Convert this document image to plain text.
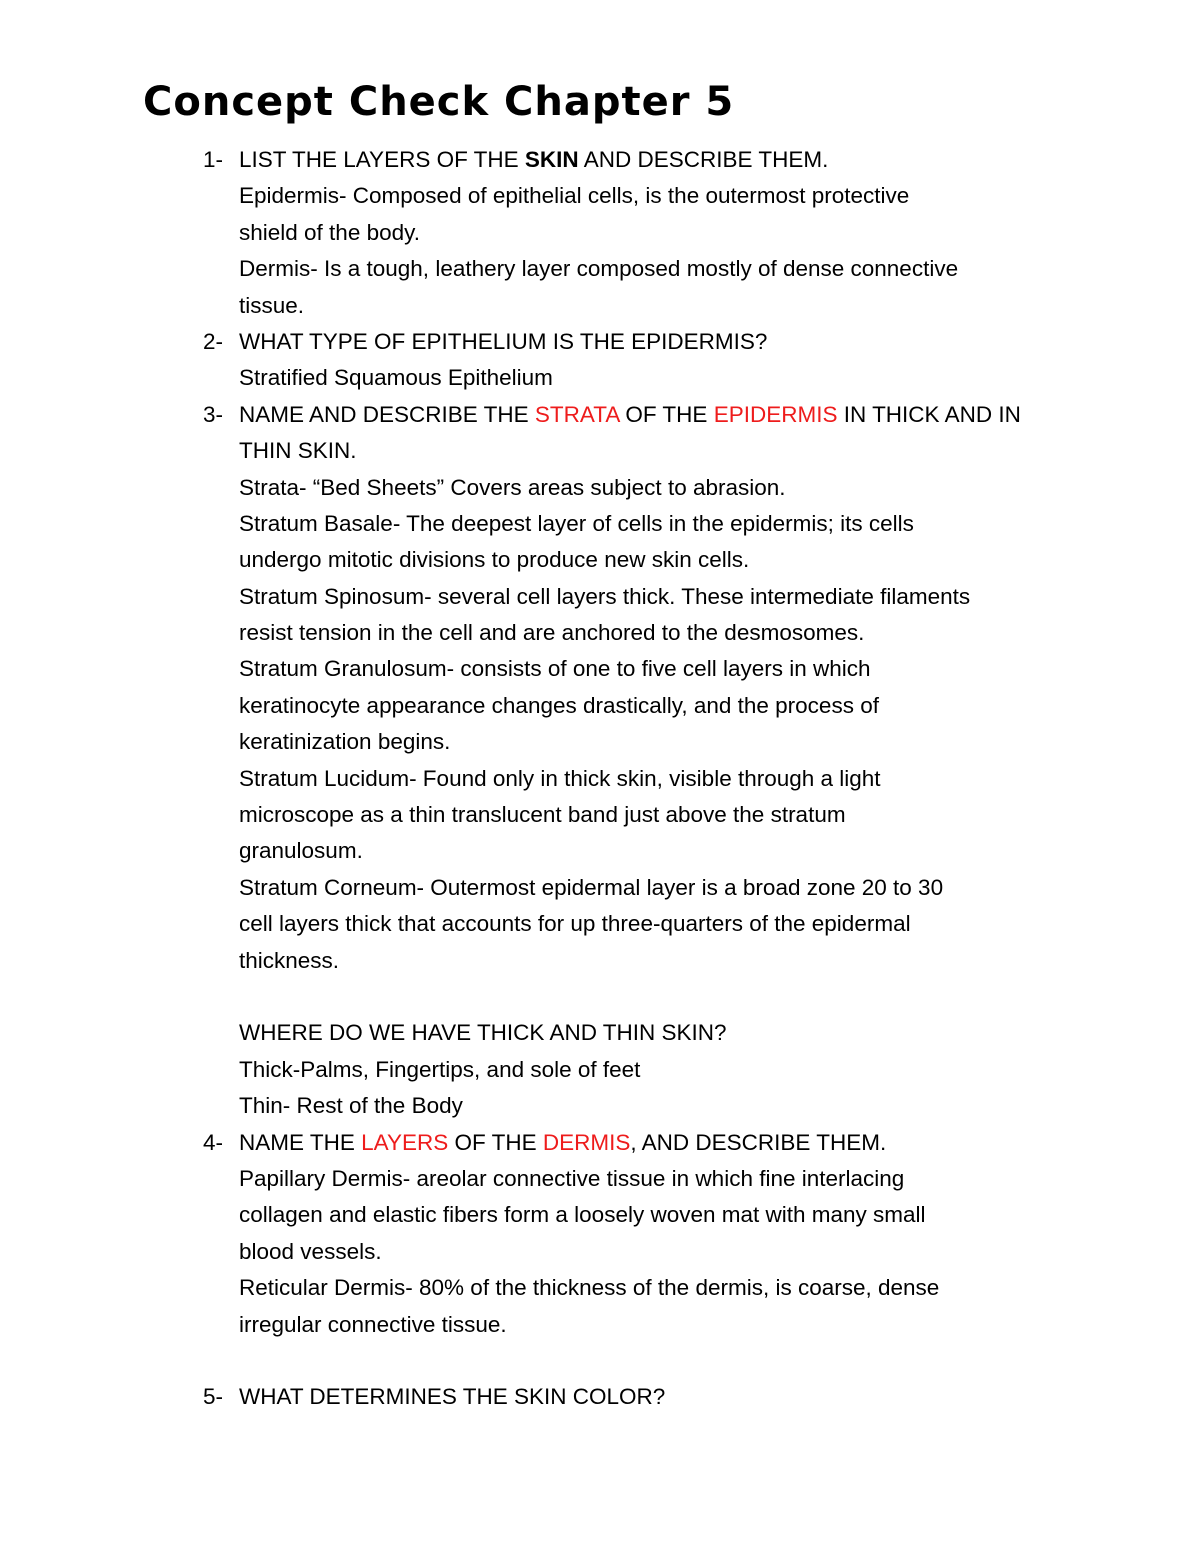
Concept Check Chapter 5
1- LIST THE LAYERS OF THE SKIN AND DESCRIBE THEM.
Epidermis- Composed of epithelial cells, is the outermost protective
shield of the body.
Dermis- Is a tough, leathery layer composed mostly of dense connective
tissue.
2- WHAT TYPE OF EPITHELIUM IS THE EPIDERMIS?
Stratified Squamous Epithelium
3- NAME AND DESCRIBE THE STRATA OF THE EPIDERMIS IN THICK AND IN
THIN SKIN.
Strata- “Bed Sheets” Covers areas subject to abrasion.
Stratum Basale- The deepest layer of cells in the epidermis; its cells
undergo mitotic divisions to produce new skin cells.
Stratum Spinosum- several cell layers thick. These intermediate filaments
resist tension in the cell and are anchored to the desmosomes.
Stratum Granulosum- consists of one to five cell layers in which
keratinocyte appearance changes drastically, and the process of
keratinization begins.
Stratum Lucidum- Found only in thick skin, visible through a light
microscope as a thin translucent band just above the stratum
granulosum.
Stratum Corneum- Outermost epidermal layer is a broad zone 20 to 30
cell layers thick that accounts for up three-quarters of the epidermal
thickness.
WHERE DO WE HAVE THICK AND THIN SKIN?
Thick-Palms, Fingertips, and sole of feet
Thin- Rest of the Body
4- NAME THE LAYERS OF THE DERMIS, AND DESCRIBE THEM.
Papillary Dermis- areolar connective tissue in which fine interlacing
collagen and elastic fibers form a loosely woven mat with many small
blood vessels.
Reticular Dermis- 80% of the thickness of the dermis, is coarse, dense
irregular connective tissue.
5- WHAT DETERMINES THE SKIN COLOR?
